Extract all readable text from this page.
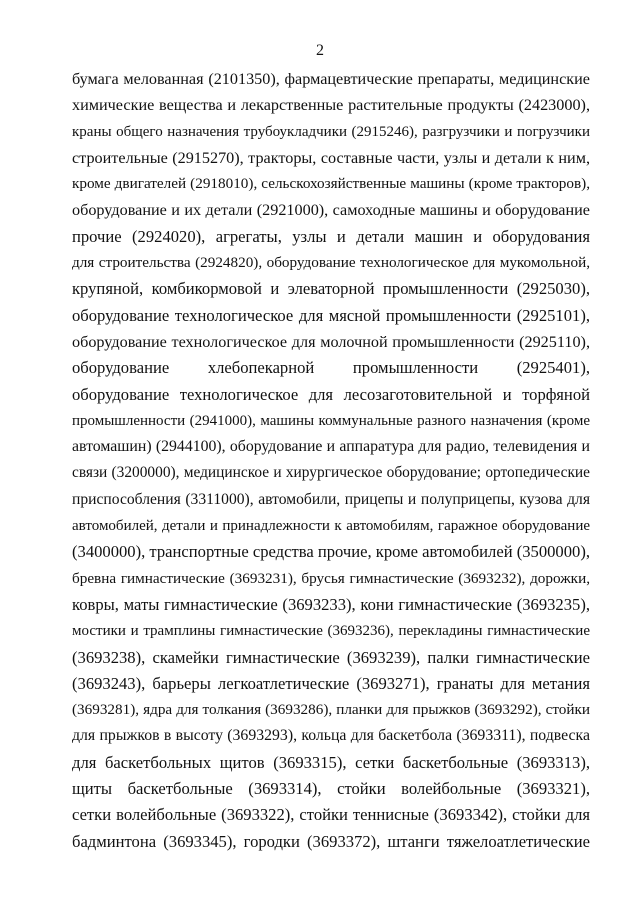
2
бумага мелованная (2101350), фармацевтические препараты, медицинские
химические вещества и лекарственные растительные продукты (2423000),
краны общего назначения трубоукладчики (2915246), разгрузчики и погрузчики
строительные (2915270), тракторы, составные части, узлы и детали к ним,
кроме двигателей (2918010), сельскохозяйственные машины (кроме тракторов),
оборудование и их детали (2921000), самоходные машины и оборудование
прочие (2924020), агрегаты, узлы и детали машин и оборудования
для строительства (2924820), оборудование технологическое для мукомольной,
крупяной, комбикормовой и элеваторной промышленности (2925030),
оборудование технологическое для мясной промышленности (2925101),
оборудование технологическое для молочной промышленности (2925110),
оборудование хлебопекарной промышленности (2925401),
оборудование технологическое для лесозаготовительной и торфяной
промышленности (2941000), машины коммунальные разного назначения (кроме
автомашин) (2944100), оборудование и аппаратура для радио, телевидения и
связи (3200000), медицинское и хирургическое оборудование; ортопедические
приспособления (3311000), автомобили, прицепы и полуприцепы, кузова для
автомобилей, детали и принадлежности к автомобилям, гаражное оборудование
(3400000), транспортные средства прочие, кроме автомобилей (3500000),
бревна гимнастические (3693231), брусья гимнастические (3693232), дорожки,
ковры, маты гимнастические (3693233), кони гимнастические (3693235),
мостики и трамплины гимнастические (3693236), перекладины гимнастические
(3693238), скамейки гимнастические (3693239), палки гимнастические
(3693243), барьеры легкоатлетические (3693271), гранаты для метания
(3693281), ядра для толкания (3693286), планки для прыжков (3693292), стойки
для прыжков в высоту (3693293), кольца для баскетбола (3693311), подвеска
для баскетбольных щитов (3693315), сетки баскетбольные (3693313),
щиты баскетбольные (3693314), стойки волейбольные (3693321),
сетки волейбольные (3693322), стойки теннисные (3693342), стойки для
бадминтона (3693345), городки (3693372), штанги тяжелоатлетические
